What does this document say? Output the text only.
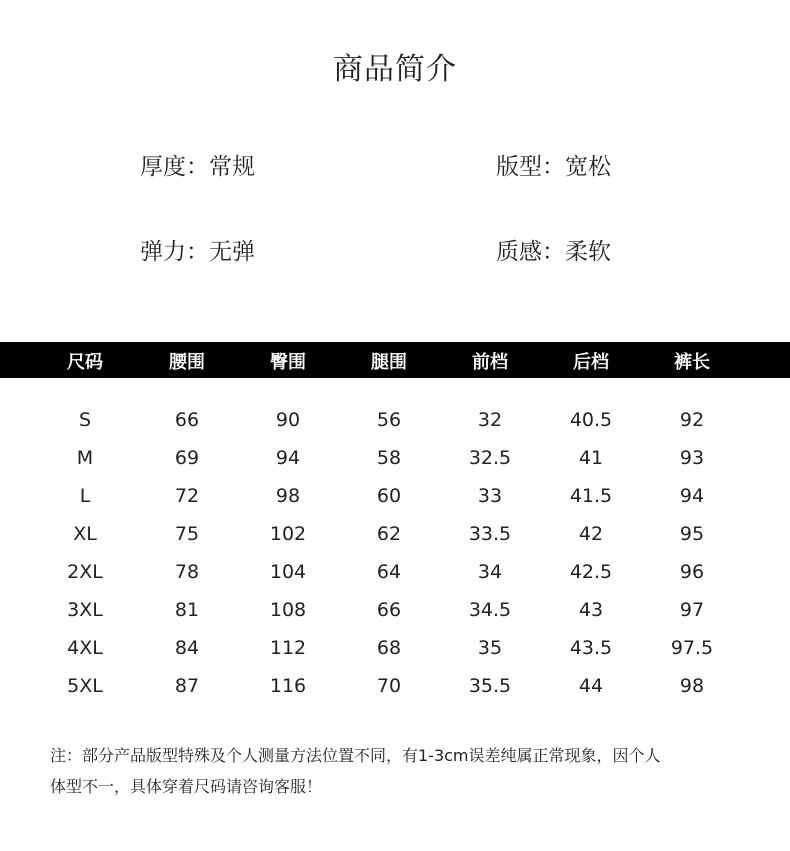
商品简介
厚度：常规	版型：宽松
弹力：无弹	质感：柔软
尺码	腰围	臀围	腿围	前档	后档	裤长
S	66	90	56	32	40.5	92
M	69	94	58	32.5	41	93
L	72	98	60	33	41.5	94
XL	75	102	62	33.5	42	95
2XL	78	104	64	34	42.5	96
3XL	81	108	66	34.5	43	97
4XL	84	112	68	35	43.5	97.5
5XL	87	116	70	35.5	44	98
注：部分产品版型特殊及个人测量方法位置不同，有1-3cm误差纯属正常现象，因个人
体型不一，具体穿着尺码请咨询客服！
